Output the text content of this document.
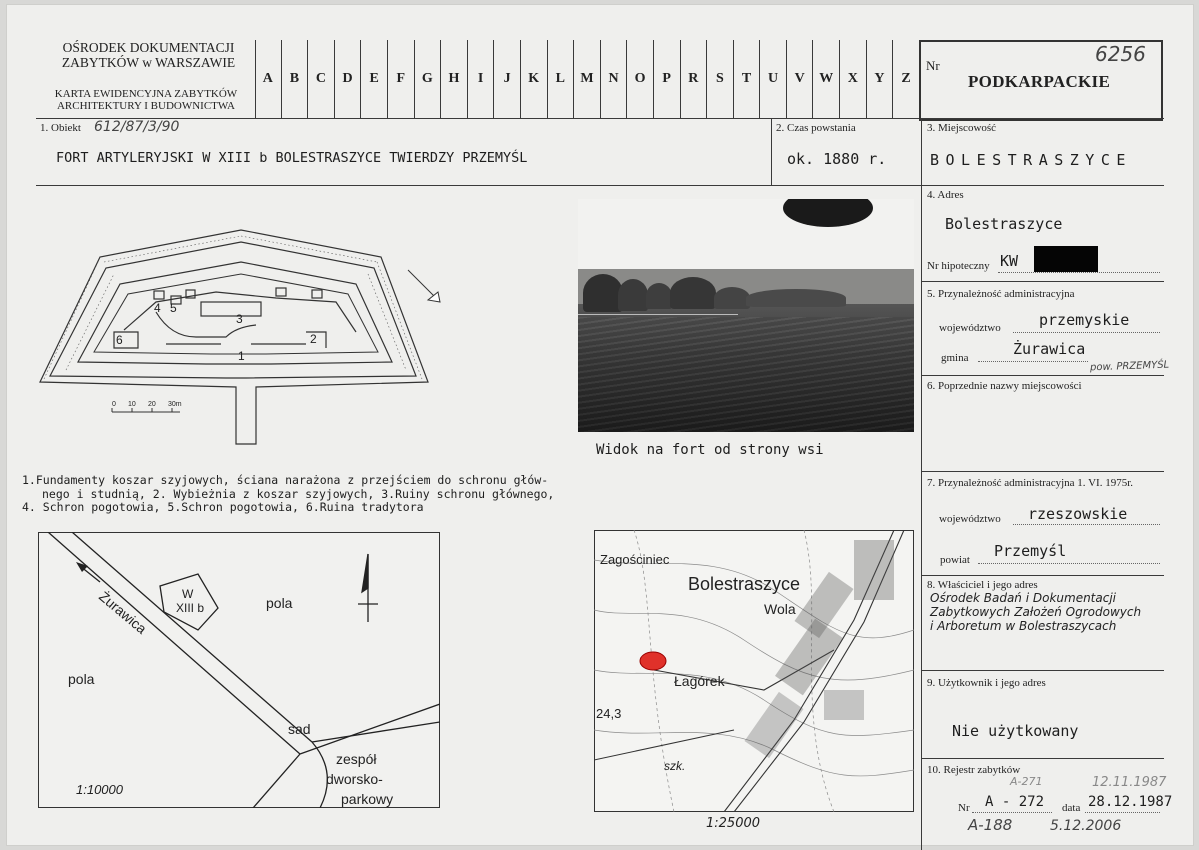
OŚRODEK DOKUMENTACJI
ZABYTKÓW w WARSZAWIE
KARTA EWIDENCYJNA ZABYTKÓW
ARCHITEKTURY I BUDOWNICTWA
A	B	C	D	E	F	G	H	I	J	K	L	M	N	O	P	R	S	T	U	V	W	X	Y	Z
Nr
PODKARPACKIE
6256
1. Obiekt 612/87/3/90
FORT ARTYLERYJSKI W XIII b BOLESTRASZYCE TWIERDZY PRZEMYŚL
2. Czas powstania
ok. 1880 r.
3. Miejscowość
BOLESTRASZYCE
4. Adres
Bolestraszyce
Nr hipoteczny KW
5. Przynależność administracyjna
województwo	przemyskie
gmina	Żurawica
pow. PRZEMYŚL
6. Poprzednie nazwy miejscowości
7. Przynależność administracyjna 1. VI. 1975r.
województwo rzeszowskie
powiat Przemyśl
8. Właściciel i jego adres
Ośrodek Badań i Dokumentacji
Zabytkowych Założeń Ogrodowych
i Arboretum w Bolestraszycach
9. Użytkownik i jego adres
Nie użytkowany
10. Rejestr zabytków
A-271	12.11.1987
Nr A - 272 data 28.12.1987
A-188	5.12.2006
1
2
3
4 5
6
0 10 20 30m
1.Fundamenty koszar szyjowych, ściana narażona z przejściem do schronu głów-
nego i studnią, 2. Wybieżnia z koszar szyjowych, 3.Ruiny schronu głównego,
4. Schron pogotowia, 5.Schron pogotowia, 6.Ruina tradytora
Widok na fort od strony wsi
Żurawica	W
XIII b	pola
pola
sad
zespół
dworsko-
parkowy
1:10000
Zagościniec
Bolestraszyce
Wola
Łagórek
24,3
szk.
1:25000
